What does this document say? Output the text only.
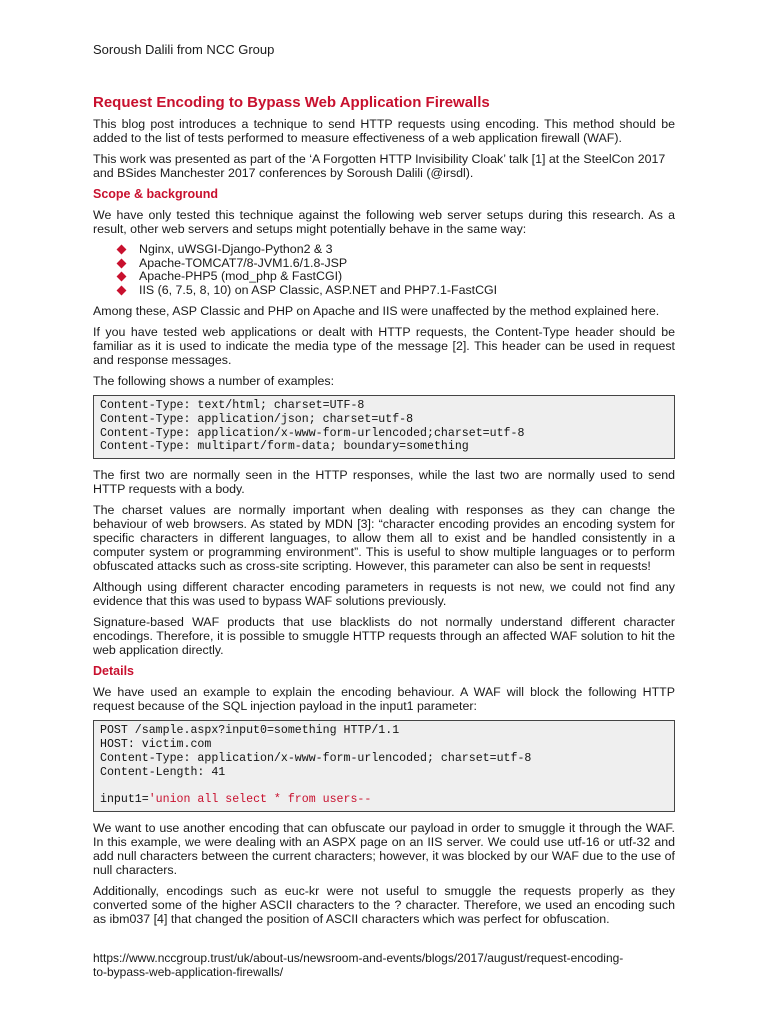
Soroush Dalili from NCC Group
Request Encoding to Bypass Web Application Firewalls

This blog post introduces a technique to send HTTP requests using encoding. This method should be added to the list of tests performed to measure effectiveness of a web application firewall (WAF).

This work was presented as part of the ‘A Forgotten HTTP Invisibility Cloak’ talk [1] at the SteelCon 2017 and BSides Manchester 2017 conferences by Soroush Dalili (@irsdl).

Scope & background

We have only tested this technique against the following web server setups during this research. As a result, other web servers and setups might potentially behave in the same way:

Nginx, uWSGI-Django-Python2 & 3
Apache-TOMCAT7/8-JVM1.6/1.8-JSP
Apache-PHP5 (mod_php & FastCGI)
IIS (6, 7.5, 8, 10) on ASP Classic, ASP.NET and PHP7.1-FastCGI

Among these, ASP Classic and PHP on Apache and IIS were unaffected by the method explained here.

If you have tested web applications or dealt with HTTP requests, the Content-Type header should be familiar as it is used to indicate the media type of the message [2]. This header can be used in request and response messages.

The following shows a number of examples:

Content-Type: text/html; charset=UTF-8
Content-Type: application/json; charset=utf-8
Content-Type: application/x-www-form-urlencoded;charset=utf-8
Content-Type: multipart/form-data; boundary=something

The first two are normally seen in the HTTP responses, while the last two are normally used to send HTTP requests with a body.

The charset values are normally important when dealing with responses as they can change the behaviour of web browsers. As stated by MDN [3]: “character encoding provides an encoding system for specific characters in different languages, to allow them all to exist and be handled consistently in a computer system or programming environment”. This is useful to show multiple languages or to perform obfuscated attacks such as cross-site scripting. However, this parameter can also be sent in requests!

Although using different character encoding parameters in requests is not new, we could not find any evidence that this was used to bypass WAF solutions previously.

Signature-based WAF products that use blacklists do not normally understand different character encodings. Therefore, it is possible to smuggle HTTP requests through an affected WAF solution to hit the web application directly.

Details

We have used an example to explain the encoding behaviour. A WAF will block the following HTTP request because of the SQL injection payload in the input1 parameter:

POST /sample.aspx?input0=something HTTP/1.1
HOST: victim.com
Content-Type: application/x-www-form-urlencoded; charset=utf-8
Content-Length: 41
input1='union all select * from users--

We want to use another encoding that can obfuscate our payload in order to smuggle it through the WAF. In this example, we were dealing with an ASPX page on an IIS server. We could use utf-16 or utf-32 and add null characters between the current characters; however, it was blocked by our WAF due to the use of null characters.

Additionally, encodings such as euc-kr were not useful to smuggle the requests properly as they converted some of the higher ASCII characters to the ? character. Therefore, we used an encoding such as ibm037 [4] that changed the position of ASCII characters which was perfect for obfuscation.

https://www.nccgroup.trust/uk/about-us/newsroom-and-events/blogs/2017/august/request-encoding-
to-bypass-web-application-firewalls/
